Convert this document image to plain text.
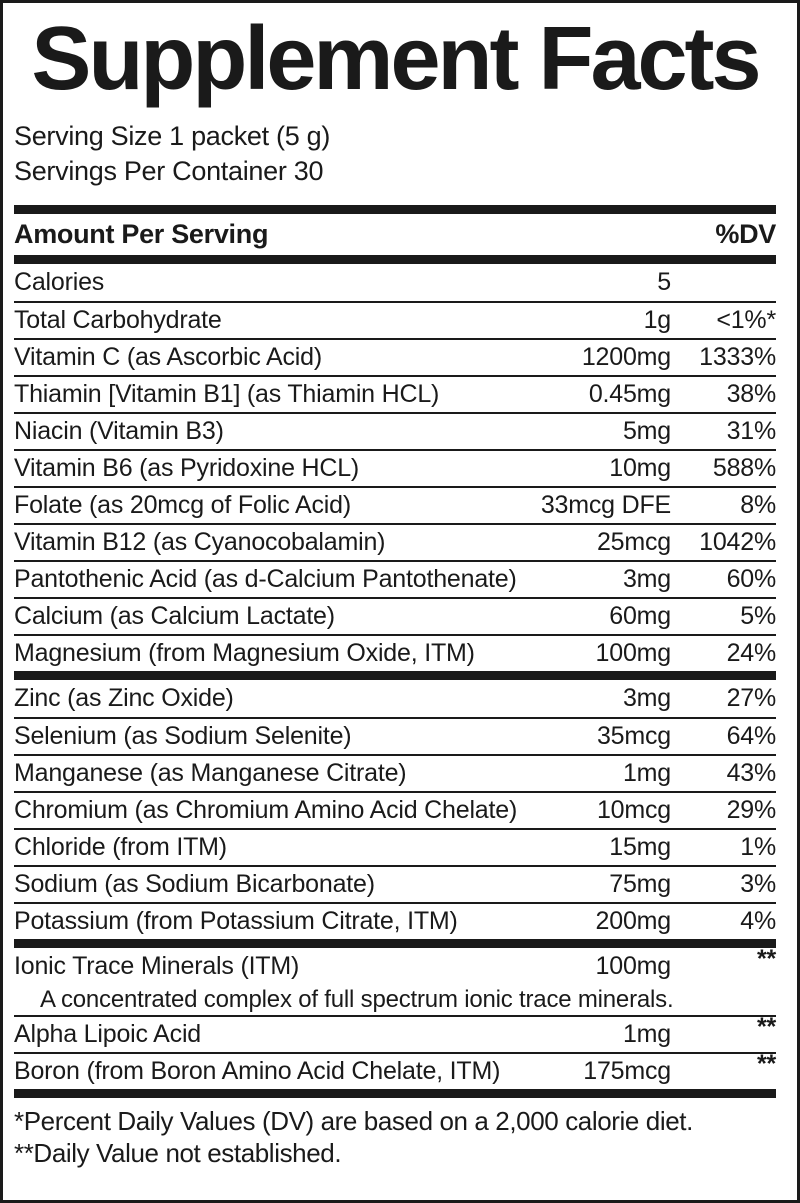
Supplement Facts
Serving Size 1 packet (5 g)
Servings Per Container 30
Amount Per Serving	%DV
Calories	5
Total Carbohydrate	1g	<1%*
Vitamin C (as Ascorbic Acid)	1200mg	1333%
Thiamin [Vitamin B1] (as Thiamin HCL)	0.45mg	38%
Niacin (Vitamin B3)	5mg	31%
Vitamin B6 (as Pyridoxine HCL)	10mg	588%
Folate (as 20mcg of Folic Acid)	33mcg DFE	8%
Vitamin B12 (as Cyanocobalamin)	25mcg	1042%
Pantothenic Acid (as d-Calcium Pantothenate)	3mg	60%
Calcium (as Calcium Lactate)	60mg	5%
Magnesium (from Magnesium Oxide, ITM)	100mg	24%
Zinc (as Zinc Oxide)	3mg	27%
Selenium (as Sodium Selenite)	35mcg	64%
Manganese (as Manganese Citrate)	1mg	43%
Chromium (as Chromium Amino Acid Chelate)	10mcg	29%
Chloride (from ITM)	15mg	1%
Sodium (as Sodium Bicarbonate)	75mg	3%
Potassium (from Potassium Citrate, ITM)	200mg	4%
Ionic Trace Minerals (ITM)	100mg	**
A concentrated complex of full spectrum ionic trace minerals.
Alpha Lipoic Acid	1mg	**
Boron (from Boron Amino Acid Chelate, ITM)	175mcg	**
*Percent Daily Values (DV) are based on a 2,000 calorie diet.
**Daily Value not established.
